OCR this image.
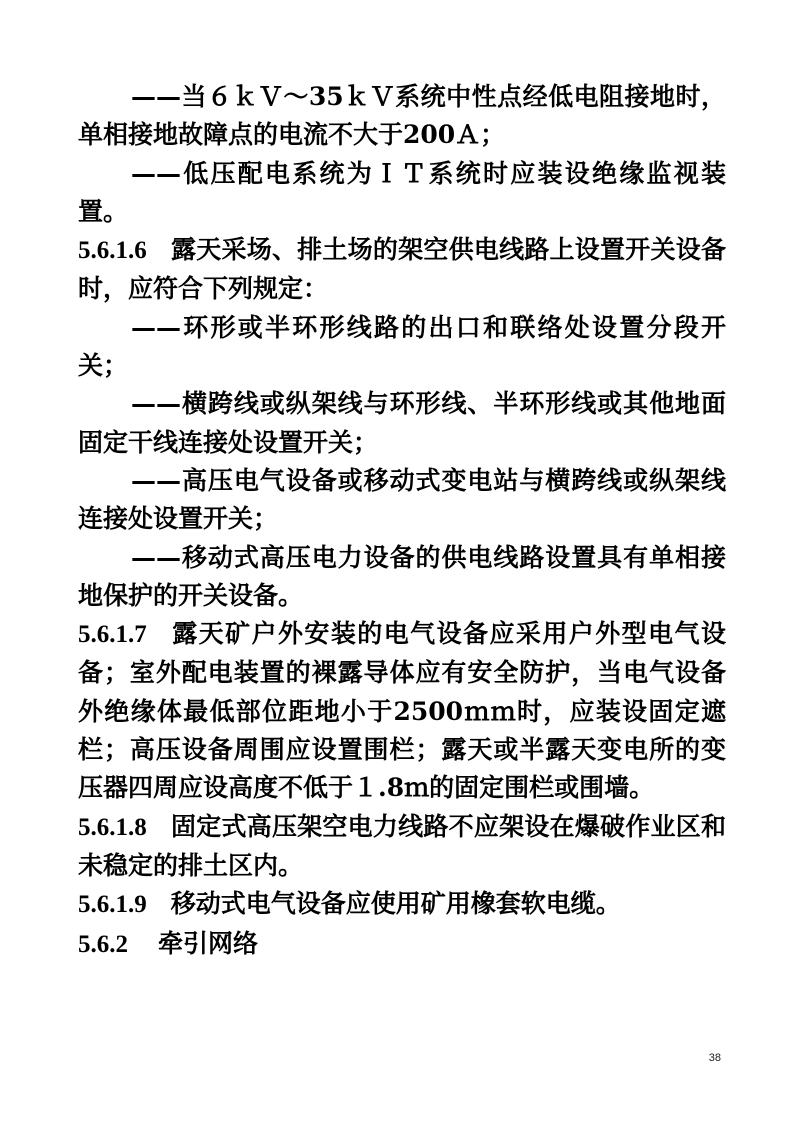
——当６ｋＶ～35ｋＶ系统中性点经低电阻接地时，单相接地故障点的电流不大于200Ａ；

——低压配电系统为ＩＴ系统时应装设绝缘监视装置。

5.6.1.6 露天采场、排土场的架空供电线路上设置开关设备时，应符合下列规定：

——环形或半环形线路的出口和联络处设置分段开关；

——横跨线或纵架线与环形线、半环形线或其他地面固定干线连接处设置开关；

——高压电气设备或移动式变电站与横跨线或纵架线连接处设置开关；

——移动式高压电力设备的供电线路设置具有单相接地保护的开关设备。

5.6.1.7 露天矿户外安装的电气设备应采用户外型电气设备；室外配电装置的裸露导体应有安全防护，当电气设备外绝缘体最低部位距地小于2500ｍｍ时，应装设固定遮栏；高压设备周围应设置围栏；露天或半露天变电所的变压器四周应设高度不低于１.8ｍ的固定围栏或围墙。

5.6.1.8 固定式高压架空电力线路不应架设在爆破作业区和未稳定的排土区内。

5.6.1.9 移动式电气设备应使用矿用橡套软电缆。

5.6.2 牵引网络

38
